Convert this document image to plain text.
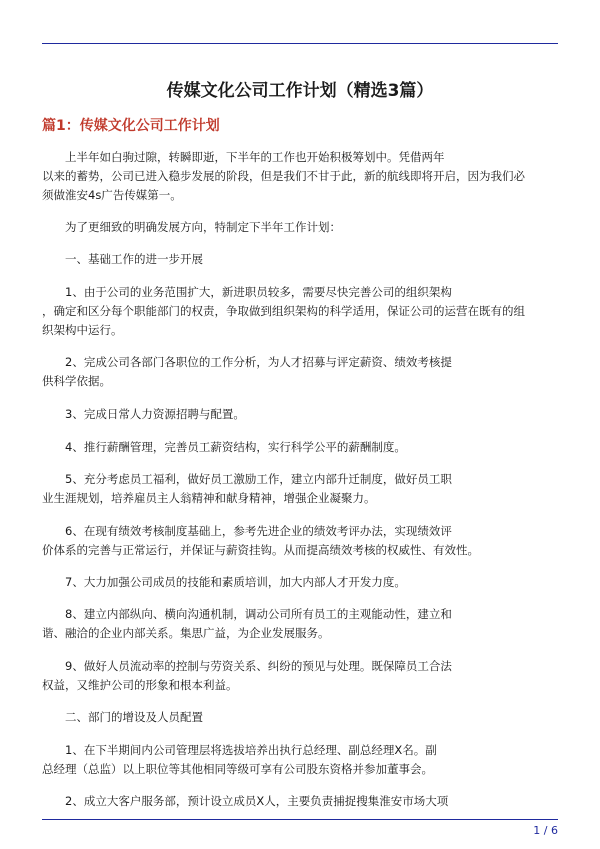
传媒文化公司工作计划（精选3篇）
篇1：传媒文化公司工作计划

上半年如白驹过隙，转瞬即逝，下半年的工作也开始积极筹划中。凭借两年
以来的蓄势，公司已进入稳步发展的阶段，但是我们不甘于此，新的航线即将开启，因为我们必
须做淮安4s广告传媒第一。

为了更细致的明确发展方向，特制定下半年工作计划：

一、基础工作的进一步开展

1、由于公司的业务范围扩大，新进职员较多，需要尽快完善公司的组织架构
，确定和区分每个职能部门的权责，争取做到组织架构的科学适用，保证公司的运营在既有的组
织架构中运行。

2、完成公司各部门各职位的工作分析，为人才招募与评定薪资、绩效考核提
供科学依据。

3、完成日常人力资源招聘与配置。

4、推行薪酬管理，完善员工薪资结构，实行科学公平的薪酬制度。

5、充分考虑员工福利，做好员工激励工作，建立内部升迁制度，做好员工职
业生涯规划，培养雇员主人翁精神和献身精神，增强企业凝聚力。

6、在现有绩效考核制度基础上，参考先进企业的绩效考评办法，实现绩效评
价体系的完善与正常运行，并保证与薪资挂钩。从而提高绩效考核的权威性、有效性。

7、大力加强公司成员的技能和素质培训，加大内部人才开发力度。

8、建立内部纵向、横向沟通机制，调动公司所有员工的主观能动性，建立和
谐、融洽的企业内部关系。集思广益，为企业发展服务。

9、做好人员流动率的控制与劳资关系、纠纷的预见与处理。既保障员工合法
权益，又维护公司的形象和根本利益。

二、部门的增设及人员配置

1、在下半期间内公司管理层将选拔培养出执行总经理、副总经理X名。副
总经理（总监）以上职位等其他相同等级可享有公司股东资格并参加董事会。

2、成立大客户服务部，预计设立成员X人，主要负责捕捉搜集淮安市场大项

1 / 6
